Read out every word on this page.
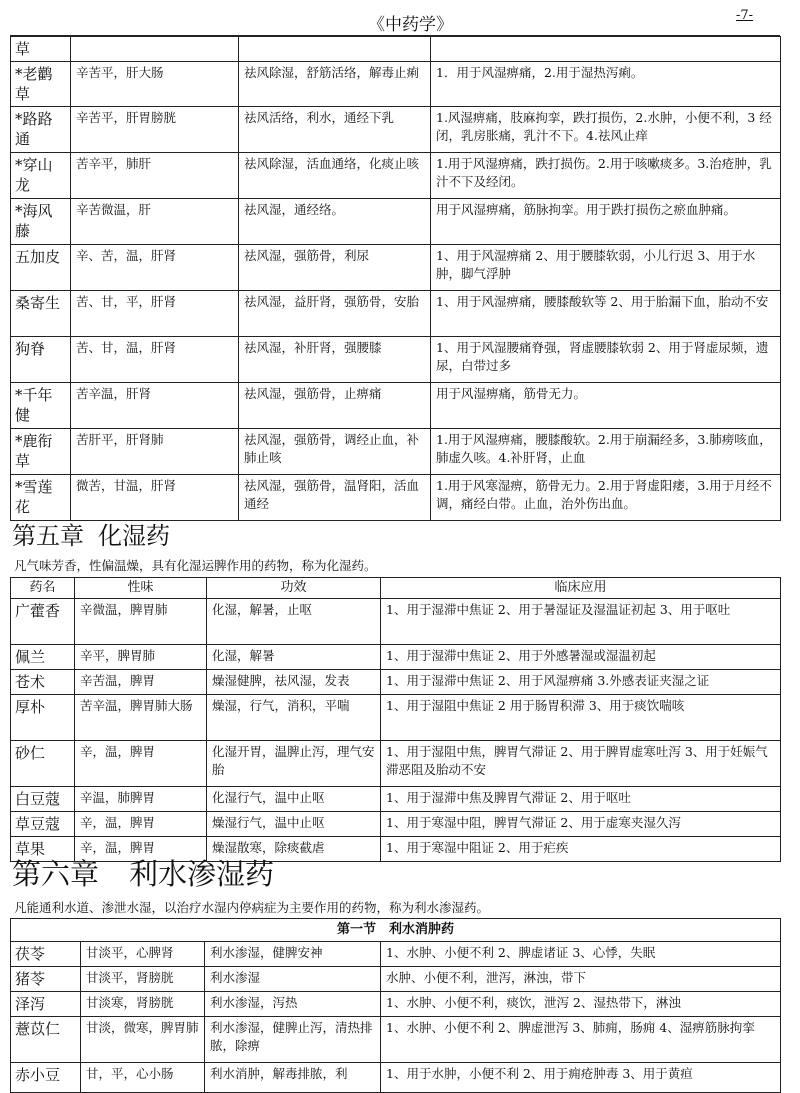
《中药学》	-7-
草			
*老鹳草	辛苦平，肝大肠	祛风除湿，舒筋活络，解毒止痢	1．用于风湿痹痛，2.用于湿热泻痢。
*路路通	辛苦平，肝胃膀胱	祛风活络，利水，通经下乳	1.风湿痹痛，肢麻拘挛，跌打损伤，2.水肿，小便不利，3 经闭，乳房胀痛，乳汁不下。4.祛风止痒
*穿山龙	苦辛平，肺肝	祛风除湿，活血通络，化痰止咳	1.用于风湿痹痛，跌打损伤。2.用于咳嗽痰多。3.治疮肿，乳汁不下及经闭。
*海风藤	辛苦微温，肝	祛风湿，通经络。	用于风湿痹痛，筋脉拘挛。用于跌打损伤之瘀血肿痛。
五加皮	辛、苦，温，肝肾	祛风湿，强筋骨，利尿	1、用于风湿痹痛 2、用于腰膝软弱，小儿行迟 3、用于水肿，脚气浮肿
桑寄生	苦、甘，平，肝肾	祛风湿，益肝肾，强筋骨，安胎	1、用于风湿痹痛，腰膝酸软等 2、用于胎漏下血，胎动不安
狗脊	苦、甘，温，肝肾	祛风湿，补肝肾，强腰膝	1、用于风湿腰痛脊强，肾虚腰膝软弱 2、用于肾虚尿频，遗尿，白带过多
*千年健	苦辛温，肝肾	祛风湿，强筋骨，止痹痛	用于风湿痹痛，筋骨无力。
*鹿衔草	苦肝平，肝肾肺	祛风湿，强筋骨，调经止血，补肺止咳	1.用于风湿痹痛，腰膝酸软。2.用于崩漏经多，3.肺痨咳血，肺虚久咳。4.补肝肾，止血
*雪莲花	微苦，甘温，肝肾	祛风湿，强筋骨，温肾阳，活血通经	1.用于风寒湿痹，筋骨无力。2.用于肾虚阳痿，3.用于月经不调，痛经白带。止血，治外伤出血。
第五章 化湿药
凡气味芳香，性偏温燥，具有化湿运脾作用的药物，称为化湿药。
药名	性味	功效	临床应用
广藿香	辛微温，脾胃肺	化湿，解暑，止呕	1、用于湿滞中焦证 2、用于暑湿证及湿温证初起 3、用于呕吐
佩兰	辛平，脾胃肺	化湿，解暑	1、用于湿滞中焦证 2、用于外感暑湿或湿温初起
苍术	辛苦温，脾胃	燥湿健脾，祛风湿，发表	1、用于湿滞中焦证 2、用于风湿痹痛 3.外感表证夹湿之证
厚朴	苦辛温，脾胃肺大肠	燥湿，行气，消积，平喘	1、用于湿阻中焦证 2 用于肠胃积滞 3、用于痰饮喘咳
砂仁	辛，温，脾胃	化湿开胃，温脾止泻，理气安胎	1、用于湿阻中焦，脾胃气滞证 2、用于脾胃虚寒吐泻 3、用于妊娠气滞恶阻及胎动不安
白豆蔻	辛温，肺脾胃	化湿行气，温中止呕	1、用于湿滞中焦及脾胃气滞证 2、用于呕吐
草豆蔻	辛，温，脾胃	燥湿行气，温中止呕	1、用于寒湿中阻，脾胃气滞证 2、用于虚寒夹湿久泻
草果	辛，温，脾胃	燥湿散寒，除痰截虐	1、用于寒湿中阻证 2、用于疟疾
第六章 利水渗湿药
凡能通利水道、渗泄水湿，以治疗水湿内停病症为主要作用的药物，称为利水渗湿药。
第一节　利水消肿药			
茯苓	甘淡平，心脾肾	利水渗湿，健脾安神	1、水肿、小便不利 2、脾虚诸证 3、心悸，失眠
猪苓	甘淡平，肾膀胱	利水渗湿	水肿、小便不利，泄泻，淋浊，带下
泽泻	甘淡寒，肾膀胱	利水渗湿，泻热	1、水肿、小便不利，痰饮，泄泻 2、湿热带下，淋浊
薏苡仁	甘淡，微寒，脾胃肺	利水渗湿，健脾止泻，清热排脓，除痹	1、水肿、小便不利 2、脾虚泄泻 3、肺痈，肠痈 4、湿痹筋脉拘挛
赤小豆	甘，平，心小肠	利水消肿，解毒排脓，利	1、用于水肿，小便不利 2、用于痈疮肿毒 3、用于黄疸
